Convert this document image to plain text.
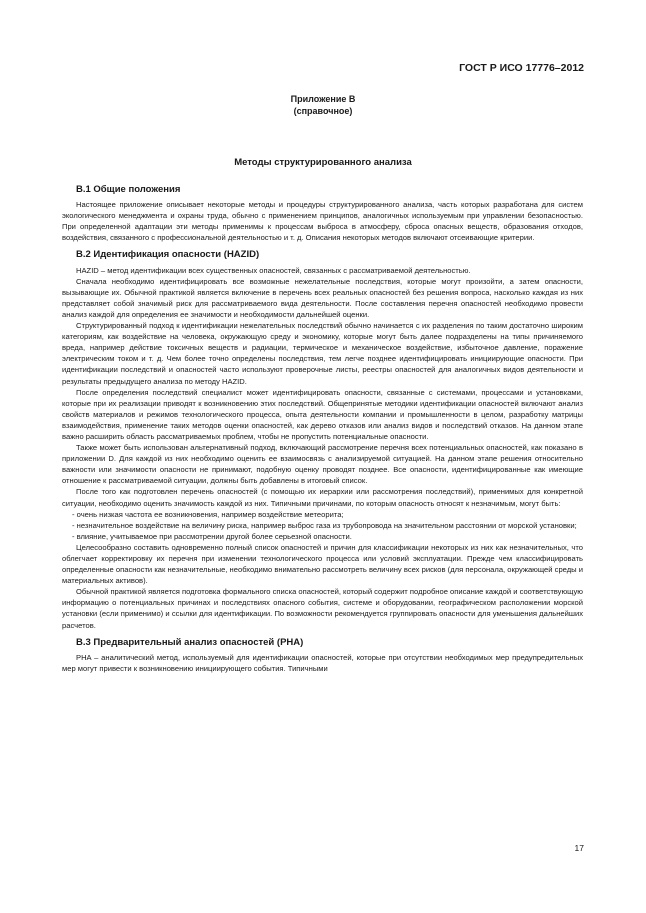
ГОСТ Р ИСО 17776–2012
Приложение В
(справочное)
Методы структурированного анализа
В.1 Общие положения

Настоящее приложение описывает некоторые методы и процедуры структурированного анализа, часть которых разработана для систем экологического менеджмента и охраны труда, обычно с применением принципов, аналогичных используемым при управлении безопасностью. При определенной адаптации эти методы применимы к процессам выброса в атмосферу, сброса опасных веществ, образования отходов, воздействия, связанного с профессиональной деятельностью и т. д. Описания некоторых методов включают отсеивающие критерии.

В.2 Идентификация опасности (HAZID)

HAZID – метод идентификации всех существенных опасностей, связанных с рассматриваемой деятельностью.

Сначала необходимо идентифицировать все возможные нежелательные последствия, которые могут произойти, а затем опасности, вызывающие их. Обычной практикой является включение в перечень всех реальных опасностей без решения вопроса, насколько каждая из них представляет собой значимый риск для рассматриваемого вида деятельности. После составления перечня опасностей необходимо провести анализ каждой для определения ее значимости и необходимости дальнейшей оценки.

Структурированный подход к идентификации нежелательных последствий обычно начинается с их разделения по таким достаточно широким категориям, как воздействие на человека, окружающую среду и экономику, которые могут быть далее подразделены на типы причиняемого вреда, например действие токсичных веществ и радиации, термическое и механическое воздействие, избыточное давление, поражение электрическим током и т. д. Чем более точно определены последствия, тем легче позднее идентифицировать инициирующие опасности. При идентификации последствий и опасностей часто используют проверочные листы, реестры опасностей для аналогичных видов деятельности и результаты предыдущего анализа по методу HAZID.

После определения последствий специалист может идентифицировать опасности, связанные с системами, процессами и установками, которые при их реализации приводят к возникновению этих последствий. Общепринятые методики идентификации опасностей включают анализ свойств материалов и режимов технологического процесса, опыта деятельности компании и промышленности в целом, разработку матрицы взаимодействия, применение таких методов оценки опасностей, как дерево отказов или анализ видов и последствий отказов. На данном этапе важно расширить область рассматриваемых проблем, чтобы не пропустить потенциальные опасности.

Также может быть использован альтернативный подход, включающий рассмотрение перечня всех потенциальных опасностей, как показано в приложении D. Для каждой из них необходимо оценить ее взаимосвязь с анализируемой ситуацией. На данном этапе решения относительно важности или значимости опасности не принимают, подобную оценку проводят позднее. Все опасности, идентифицированные как имеющие отношение к рассматриваемой ситуации, должны быть добавлены в итоговый список.

После того как подготовлен перечень опасностей (с помощью их иерархии или рассмотрения последствий), применимых для конкретной ситуации, необходимо оценить значимость каждой из них. Типичными причинами, по которым опасность относят к незначимым, могут быть:

- очень низкая частота ее возникновения, например воздействие метеорита;

- незначительное воздействие на величину риска, например выброс газа из трубопровода на значительном расстоянии от морской установки;

- влияние, учитываемое при рассмотрении другой более серьезной опасности.

Целесообразно составить одновременно полный список опасностей и причин для классификации некоторых из них как незначительных, что облегчает корректировку их перечня при изменении технологического процесса или условий эксплуатации. Прежде чем классифицировать определенные опасности как незначительные, необходимо внимательно рассмотреть величину всех рисков (для персонала, окружающей среды и материальных активов).

Обычной практикой является подготовка формального списка опасностей, который содержит подробное описание каждой и соответствующую информацию о потенциальных причинах и последствиях опасного события, системе и оборудовании, географическом расположении морской установки (если применимо) и ссылки для идентификации. По возможности рекомендуется группировать опасности для уменьшения дальнейших расчетов.

В.3 Предварительный анализ опасностей (PHA)

PHA – аналитический метод, используемый для идентификации опасностей, которые при отсутствии необходимых мер предупредительных мер могут привести к возникновению инициирующего события. Типичными

17
